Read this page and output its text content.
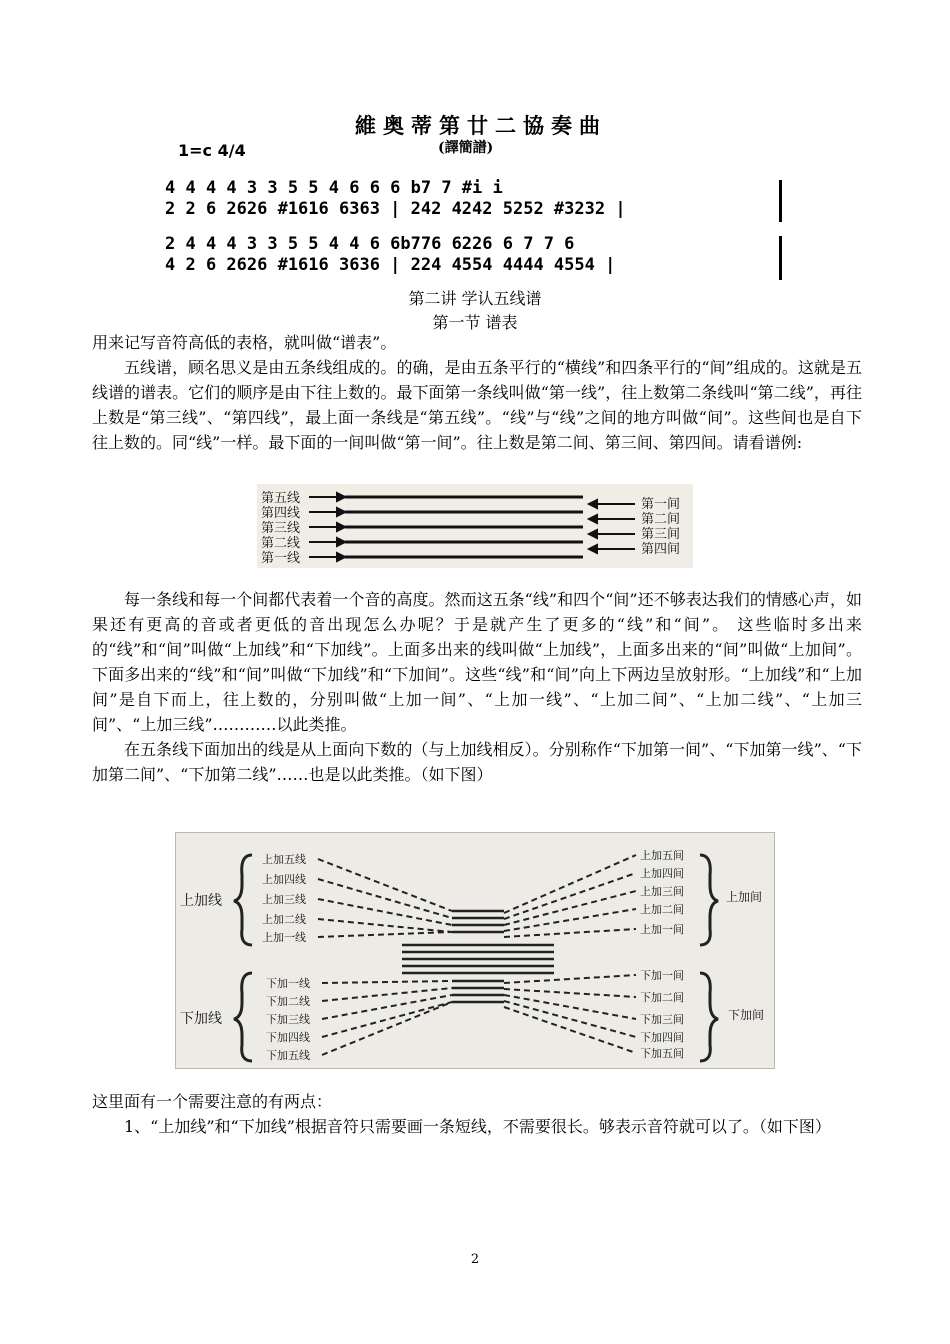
維奥蒂第廿二協奏曲
(譯簡譜)
1=c 4/4
4 4 4 4 3 3 5 5 4 6 6 6 b7 7 #i i
2 2 6 2626 #1616 6363 | 242 4242 5252 #3232 |
2 4 4 4 3 3 5 5 4 4 6 6b776 6226 6 7 7 6
4 2 6 2626 #1616 3636 | 224 4554 4444 4554 |
第二讲 学认五线谱
第一节 谱表

用来记写音符高低的表格，就叫做“谱表”。

五线谱，顾名思义是由五条线组成的。的确，是由五条平行的“横线”和四条平行的“间”组成的。这就是五线谱的谱表。它们的顺序是由下往上数的。最下面第一条线叫做“第一线”，往上数第二条线叫“第二线”，再往上数是“第三线”、“第四线”，最上面一条线是“第五线”。“线”与“线”之间的地方叫做“间”。这些间也是自下往上数的。同“线”一样。最下面的一间叫做“第一间”。往上数是第二间、第三间、第四间。请看谱例:

第五线
第四线
第三线
第二线
第一线
第一间
第二间
第三间
第四间

每一条线和每一个间都代表着一个音的高度。然而这五条“线”和四个“间”还不够表达我们的情感心声，如果还有更高的音或者更低的音出现怎么办呢？于是就产生了更多的“线”和“间”。 这些临时多出来的“线”和“间”叫做“上加线”和“下加线”。上面多出来的线叫做“上加线”，上面多出来的“间”叫做“上加间”。下面多出来的“线”和“间”叫做“下加线”和“下加间”。这些“线”和“间”向上下两边呈放射形。“上加线”和“上加间”是自下而上，往上数的，分别叫做“上加一间”、“上加一线”、“上加二间”、“上加二线”、“上加三间”、“上加三线”…………以此类推。

在五条线下面加出的线是从上面向下数的（与上加线相反）。分别称作“下加第一间”、“下加第一线”、“下加第二间”、“下加第二线”……也是以此类推。（如下图）

上加五线
上加四线
上加三线
上加二线
上加一线
上加五间
上加四间
上加三间
上加二间
上加一间
下加一线
下加二线
下加三线
下加四线
下加五线
下加一间
下加二间
下加三间
下加四间
下加五间
上加线
下加线
上加间
下加间

这里面有一个需要注意的有两点：

1、“上加线”和“下加线”根据音符只需要画一条短线，不需要很长。够表示音符就可以了。（如下图）

2
